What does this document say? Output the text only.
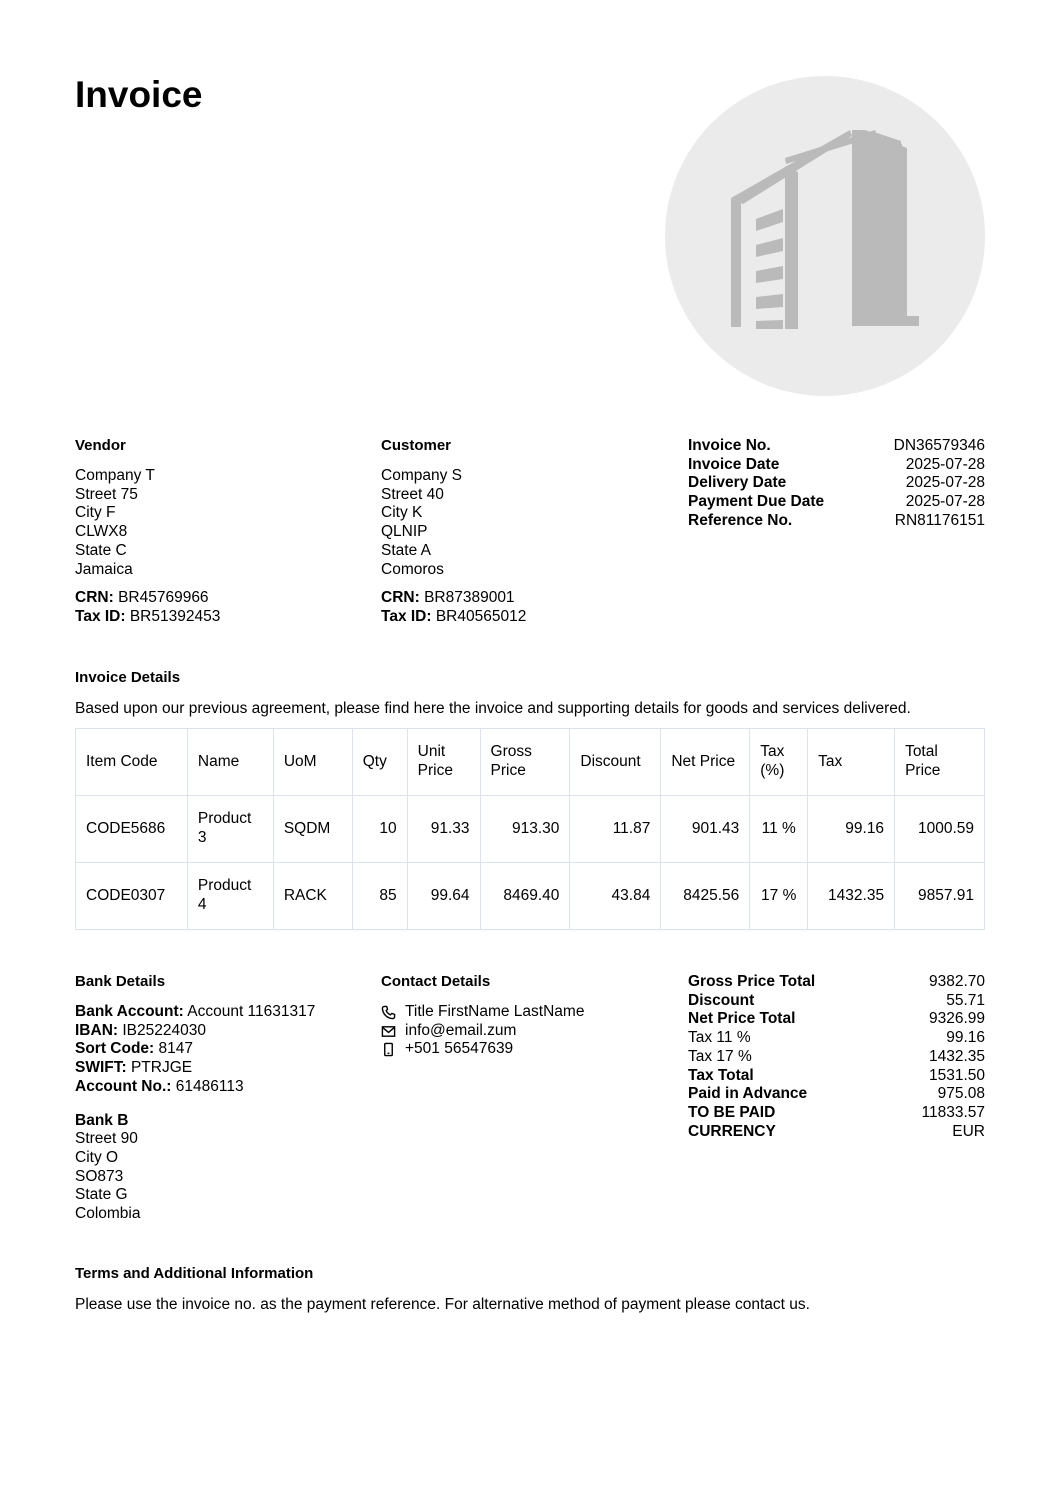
Invoice
Vendor
Company T
Street 75
City F
CLWX8
State C
Jamaica
CRN: BR45769966
Tax ID: BR51392453
Customer
Company S
Street 40
City K
QLNIP
State A
Comoros
CRN: BR87389001
Tax ID: BR40565012
Invoice No.	DN36579346
Invoice Date	2025-07-28
Delivery Date	2025-07-28
Payment Due Date	2025-07-28
Reference No.	RN81176151
Invoice Details
Based upon our previous agreement, please find here the invoice and supporting details for goods and services delivered.
Item Code	Name	UoM	Qty	Unit Price	Gross Price	Discount	Net Price	Tax (%)	Tax	Total Price
CODE5686	Product 3	SQDM	10	91.33	913.30	11.87	901.43	11 %	99.16	1000.59
CODE0307	Product 4	RACK	85	99.64	8469.40	43.84	8425.56	17 %	1432.35	9857.91
Bank Details
Bank Account: Account 11631317
IBAN: IB25224030
Sort Code: 8147
SWIFT: PTRJGE
Account No.: 61486113
Bank B
Street 90
City O
SO873
State G
Colombia
Contact Details
Title FirstName LastName
info@email.zum
+501 56547639
Gross Price Total	9382.70
Discount	55.71
Net Price Total	9326.99
Tax 11 %	99.16
Tax 17 %	1432.35
Tax Total	1531.50
Paid in Advance	975.08
TO BE PAID	11833.57
CURRENCY	EUR
Terms and Additional Information
Please use the invoice no. as the payment reference. For alternative method of payment please contact us.
